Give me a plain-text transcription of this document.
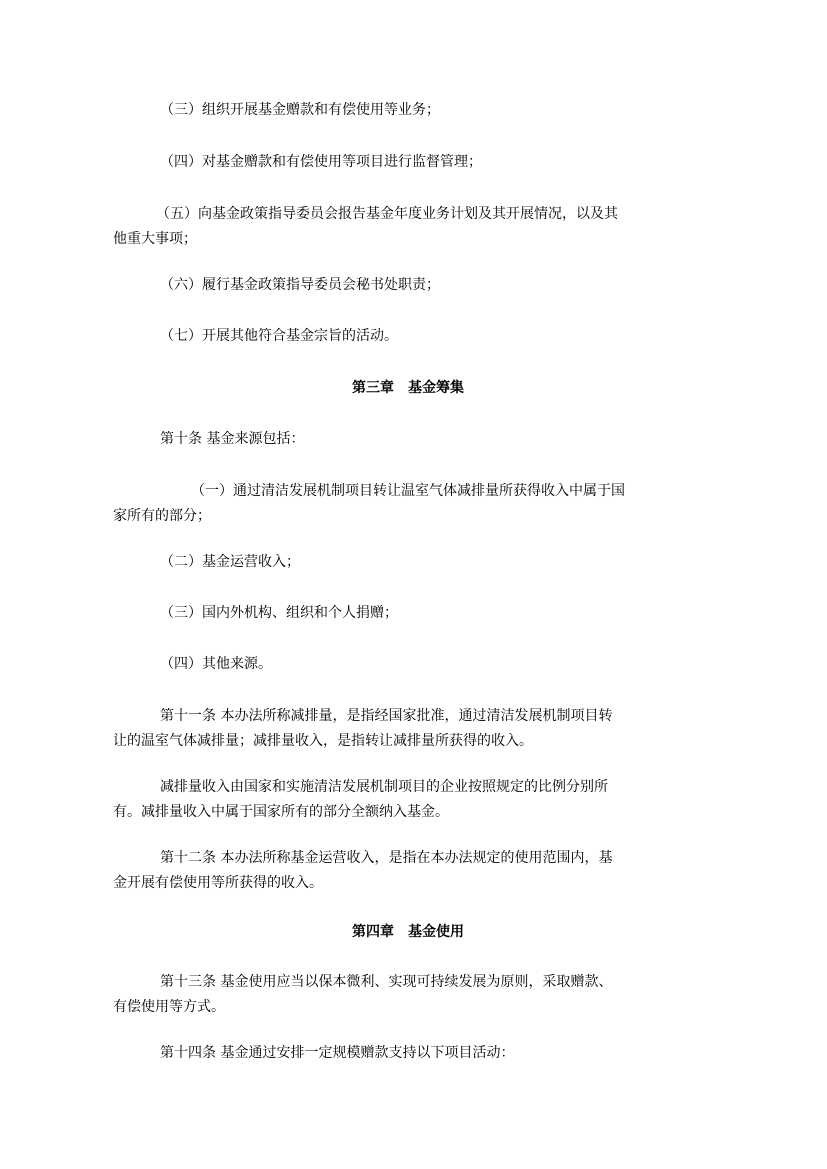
（三）组织开展基金赠款和有偿使用等业务；

（四）对基金赠款和有偿使用等项目进行监督管理；

（五）向基金政策指导委员会报告基金年度业务计划及其开展情况，以及其
他重大事项；

（六）履行基金政策指导委员会秘书处职责；

（七）开展其他符合基金宗旨的活动。

第三章　基金筹集

第十条 基金来源包括：

（一）通过清洁发展机制项目转让温室气体减排量所获得收入中属于国
家所有的部分；

（二）基金运营收入；

（三）国内外机构、组织和个人捐赠；

（四）其他来源。

第十一条 本办法所称减排量，是指经国家批准，通过清洁发展机制项目转
让的温室气体减排量；减排量收入，是指转让减排量所获得的收入。

减排量收入由国家和实施清洁发展机制项目的企业按照规定的比例分别所
有。减排量收入中属于国家所有的部分全额纳入基金。

第十二条 本办法所称基金运营收入，是指在本办法规定的使用范围内，基
金开展有偿使用等所获得的收入。

第四章　基金使用

第十三条 基金使用应当以保本微利、实现可持续发展为原则，采取赠款、
有偿使用等方式。

第十四条 基金通过安排一定规模赠款支持以下项目活动：
